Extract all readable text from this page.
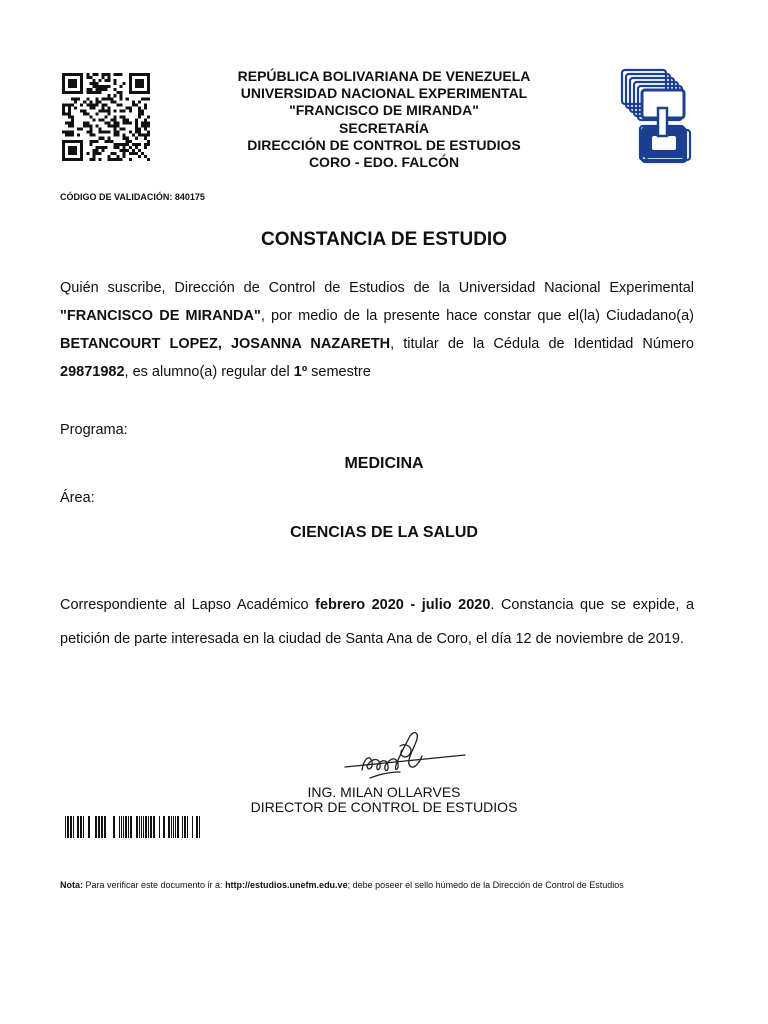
REPÚBLICA BOLIVARIANA DE VENEZUELA
UNIVERSIDAD NACIONAL EXPERIMENTAL
"FRANCISCO DE MIRANDA"
SECRETARÍA
DIRECCIÓN DE CONTROL DE ESTUDIOS
CORO - EDO. FALCÓN
CÓDIGO DE VALIDACIÓN: 840175
CONSTANCIA DE ESTUDIO
Quién suscribe, Dirección de Control de Estudios de la Universidad Nacional Experimental "FRANCISCO DE MIRANDA", por medio de la presente hace constar que el(la) Ciudadano(a) BETANCOURT LOPEZ, JOSANNA NAZARETH, titular de la Cédula de Identidad Número 29871982, es alumno(a) regular del 1º semestre
Programa:
MEDICINA
Área:
CIENCIAS DE LA SALUD
Correspondiente al Lapso Académico febrero 2020 - julio 2020. Constancia que se expide, a petición de parte interesada en la ciudad de Santa Ana de Coro, el día 12 de noviembre de 2019.
ING. MILAN OLLARVES
DIRECTOR DE CONTROL DE ESTUDIOS
Nota: Para verificar este documento ir a: http://estudios.unefm.edu.ve; debe poseer el sello húmedo de la Dirección de Control de Estudios
